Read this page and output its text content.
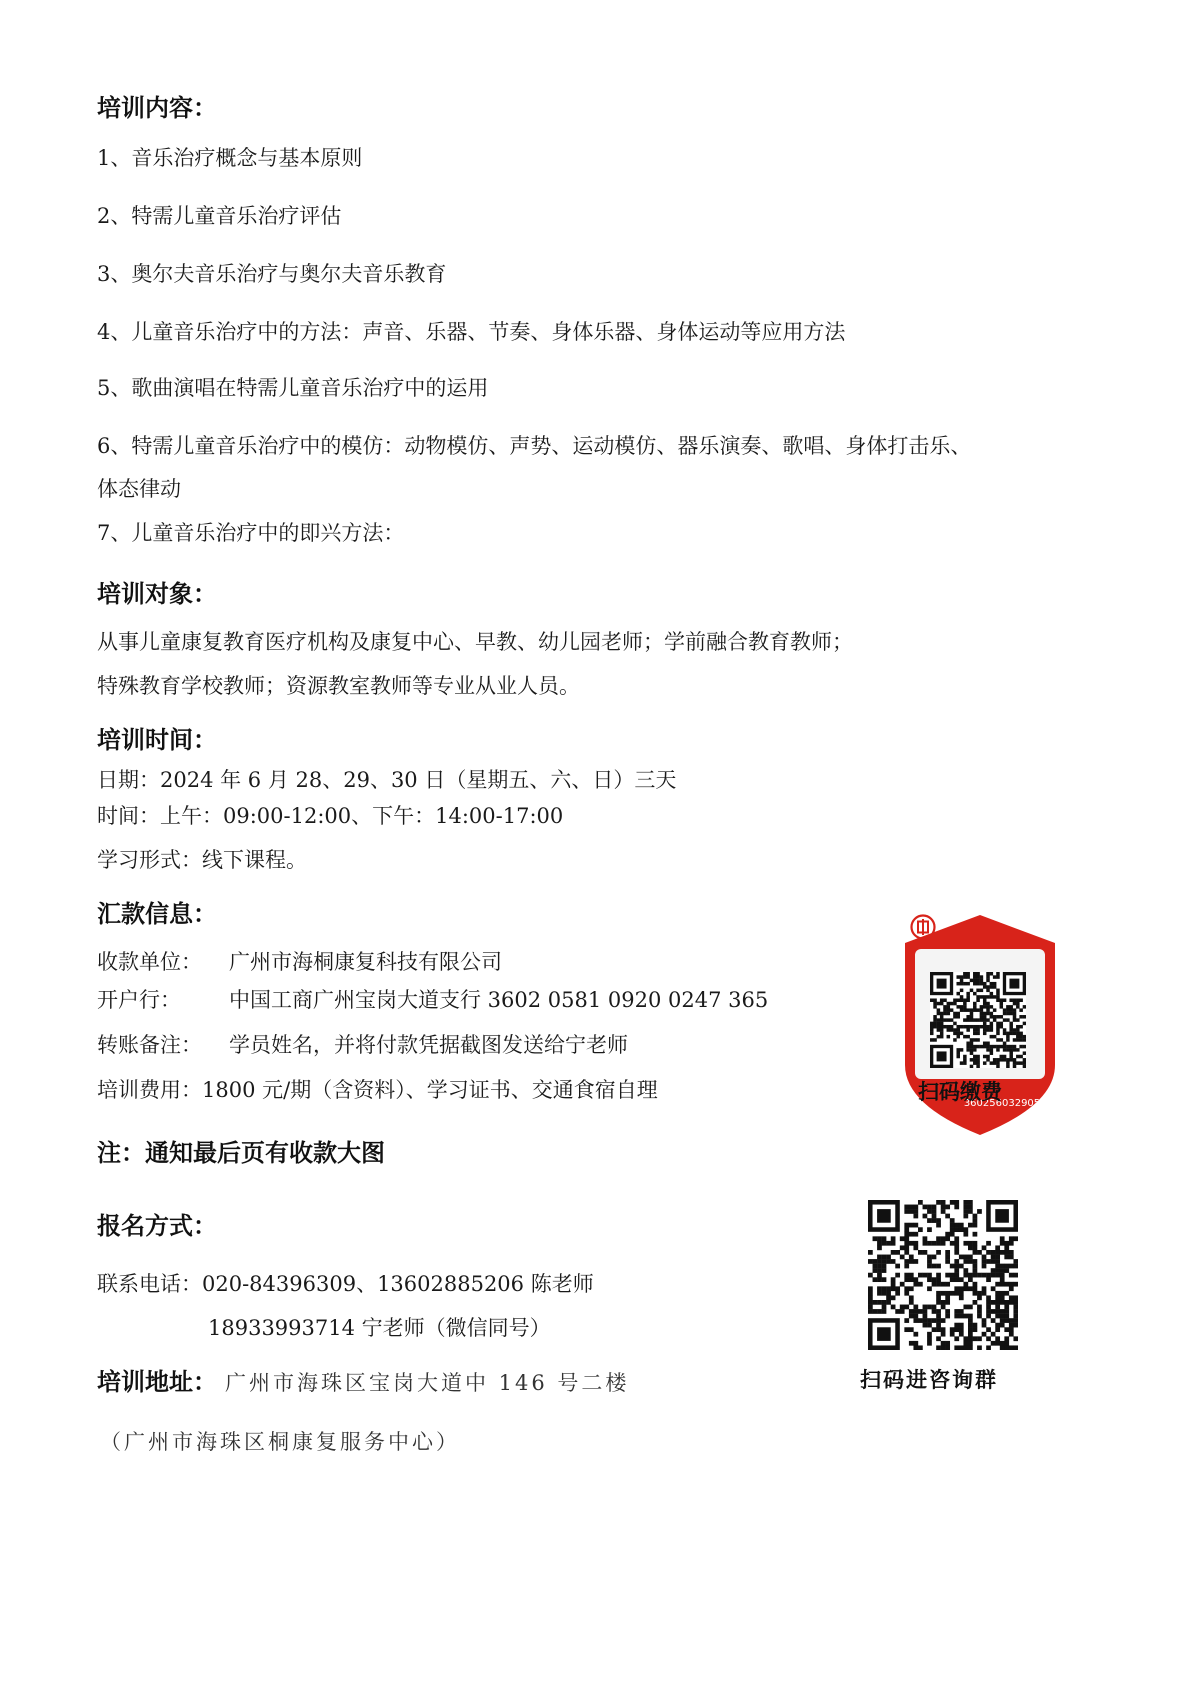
培训内容：
1、音乐治疗概念与基本原则
2、特需儿童音乐治疗评估
3、奥尔夫音乐治疗与奥尔夫音乐教育
4、儿童音乐治疗中的方法：声音、乐器、节奏、身体乐器、身体运动等应用方法
5、歌曲演唱在特需儿童音乐治疗中的运用
6、特需儿童音乐治疗中的模仿：动物模仿、声势、运动模仿、器乐演奏、歌唱、身体打击乐、
体态律动
7、儿童音乐治疗中的即兴方法：
培训对象：
从事儿童康复教育医疗机构及康复中心、早教、幼儿园老师；学前融合教育教师；
特殊教育学校教师；资源教室教师等专业从业人员。
培训时间：
日期：2024 年 6 月 28、29、30 日（星期五、六、日）三天
时间：上午：09:00-12:00、下午：14:00-17:00
学习形式：线下课程。
汇款信息：
收款单位： 广州市海桐康复科技有限公司
开户行： 中国工商广州宝岗大道支行 3602 0581 0920 0247 365
转账备注： 学员姓名，并将付款凭据截图发送给宁老师
培训费用：1800 元/期（含资料）、学习证书、交通食宿自理
360256032905
扫码缴费
注：通知最后页有收款大图
报名方式：
联系电话：020-84396309、13602885206 陈老师
18933993714 宁老师（微信同号）
扫码进咨询群
培训地址： 广州市海珠区宝岗大道中 146 号二楼
（广州市海珠区桐康复服务中心）
